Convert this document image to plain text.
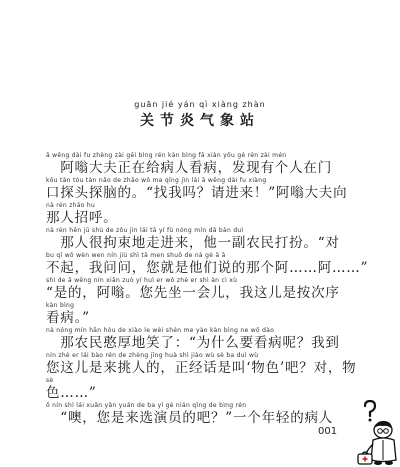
guān jié yán qì xiàng zhàn
关节炎气象站
ā wēng dài fu zhèng zài gěi bìng rén kàn bìng fā xiàn yǒu gè rén zài mén
　阿嗡大夫正在给病人看病，发现有个人在门
kǒu tàn tóu tàn nǎo de zhǎo wǒ ma qǐng jìn lái ā wēng dài fu xiàng
口探头探脑的。“找我吗？请进来！”阿嗡大夫向
nà rén zhāo hu
那人招呼。
nà rén hěn jū shù de zǒu jìn lái tā yí fù nóng mín dǎ bàn duì
　那人很拘束地走进来，他一副农民打扮。“对
bu qǐ wǒ wèn wen nín jiù shì tā men shuō de nà gè ā ā
不起，我问问，您就是他们说的那个阿……阿……”
shì de ā wēng nín xiān zuò yí huì er wǒ zhè er shì àn cì xù
“是的，阿嗡。您先坐一会儿，我这儿是按次序
kàn bìng
看病。”
nà nóng mín hān hòu de xiào le wèi shén me yào kàn bìng ne wǒ dào
　那农民憨厚地笑了：“为什么要看病呢？我到
nín zhè er lái bào rén de zhèng jīng huà shì jiào wù sè ba duì wù
您这儿是来挑人的，正经话是叫‘物色’吧？对，物
sè
色……”
ō nín shì lái xuǎn yǎn yuán de ba yí gè nián qīng de bìng rén
　“噢，您是来选演员的吧？”一个年轻的病人
001
